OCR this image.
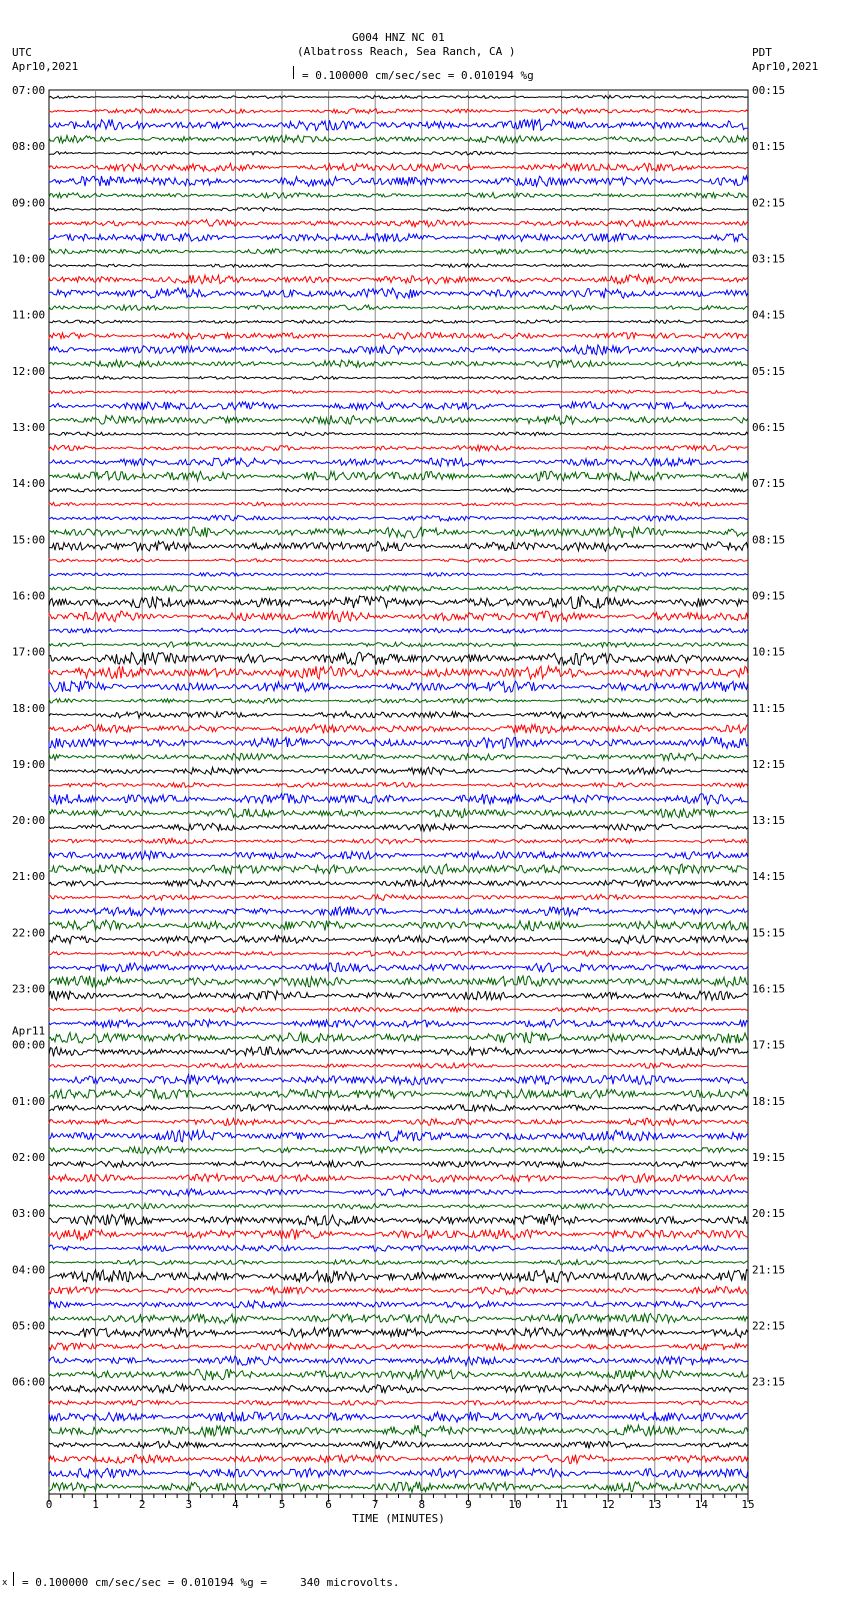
G004 HNZ NC 01
(Albatross Reach, Sea Ranch, CA )
UTC
Apr10,2021
PDT
Apr10,2021
= 0.100000 cm/sec/sec = 0.010194 %g
07:00
08:00
09:00
10:00
11:00
12:00
13:00
14:00
15:00
16:00
17:00
18:00
19:00
20:00
21:00
22:00
23:00
Apr11
00:00
01:00
02:00
03:00
04:00
05:00
06:00
00:15
01:15
02:15
03:15
04:15
05:15
06:15
07:15
08:15
09:15
10:15
11:15
12:15
13:15
14:15
15:15
16:15
17:15
18:15
19:15
20:15
21:15
22:15
23:15
0	1	2	3	4	5	6	7	8	9	10	11	12	13	14	15
TIME (MINUTES)
x = 0.100000 cm/sec/sec = 0.010194 %g =     340 microvolts.
